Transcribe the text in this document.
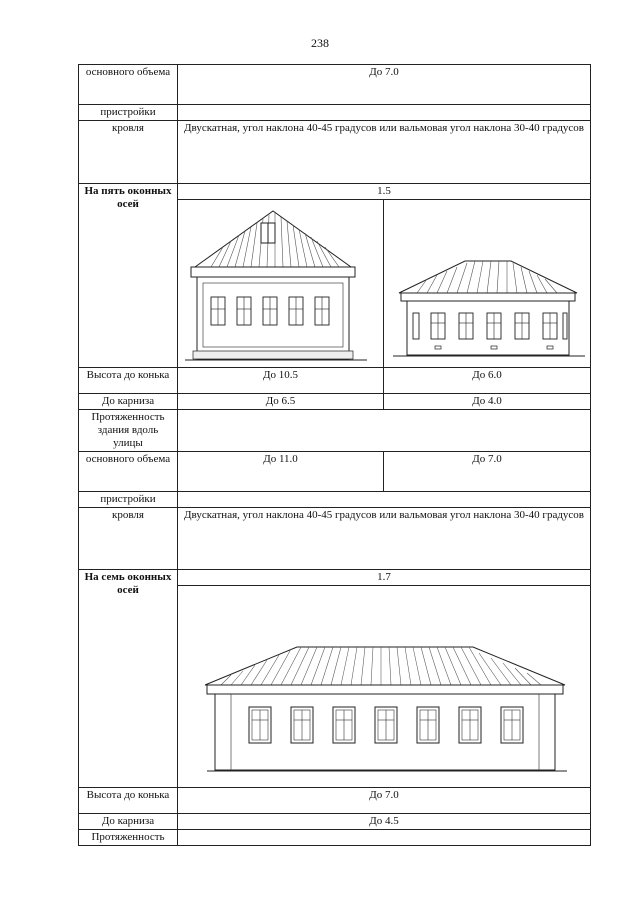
238
основного объема	До 7.0	
пристройки		
кровля	Двускатная, угол наклона 40-45 градусов или вальмовая угол наклона 30-40 градусов	
На пять оконных осей	1.5	

Высота до конька	До 10.5	До 6.0
До карниза	До 6.5	До 4.0
Протяженность здания вдоль улицы		
основного объема	До 11.0	До 7.0
пристройки		
кровля	Двускатная, угол наклона 40-45 градусов или вальмовая угол наклона 30-40 градусов	
На семь оконных осей	1.7	

Высота до конька	До 7.0	
До карниза	До 4.5	
Протяженность		
